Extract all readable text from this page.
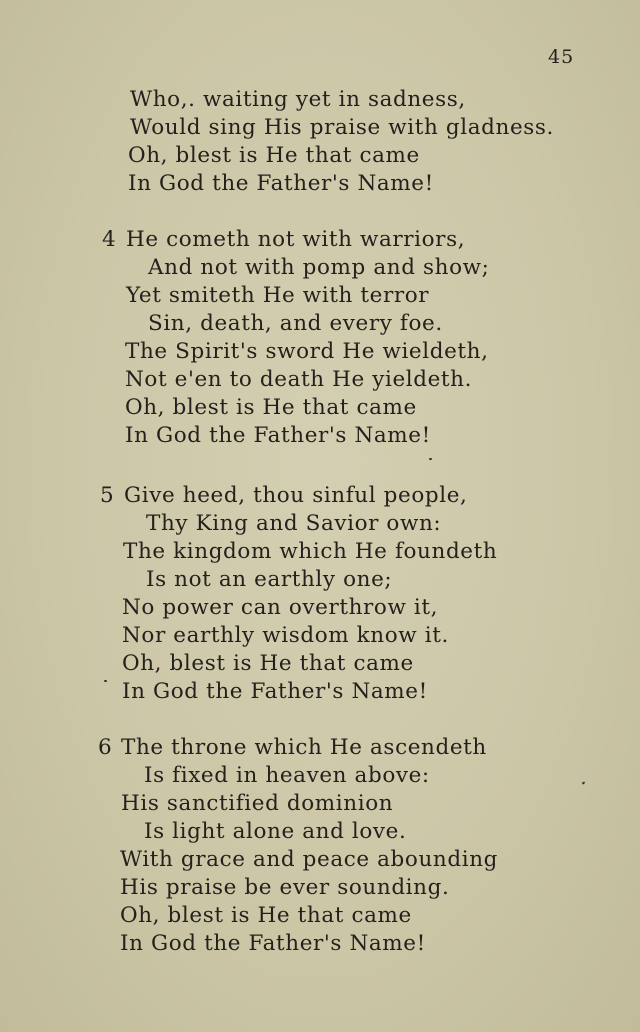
45
Who,. waiting yet in sadness,
Would sing His praise with gladness.
Oh, blest is He that came
In God the Father's Name!
4 He cometh not with warriors,
And not with pomp and show;
Yet smiteth He with terror
Sin, death, and every foe.
The Spirit's sword He wieldeth,
Not e'en to death He yieldeth.
Oh, blest is He that came
In God the Father's Name!
5 Give heed, thou sinful people,
Thy King and Savior own:
The kingdom which He foundeth
Is not an earthly one;
No power can overthrow it,
Nor earthly wisdom know it.
Oh, blest is He that came
In God the Father's Name!
6 The throne which He ascendeth
Is fixed in heaven above:
His sanctified dominion
Is light alone and love.
With grace and peace abounding
His praise be ever sounding.
Oh, blest is He that came
In God the Father's Name!
